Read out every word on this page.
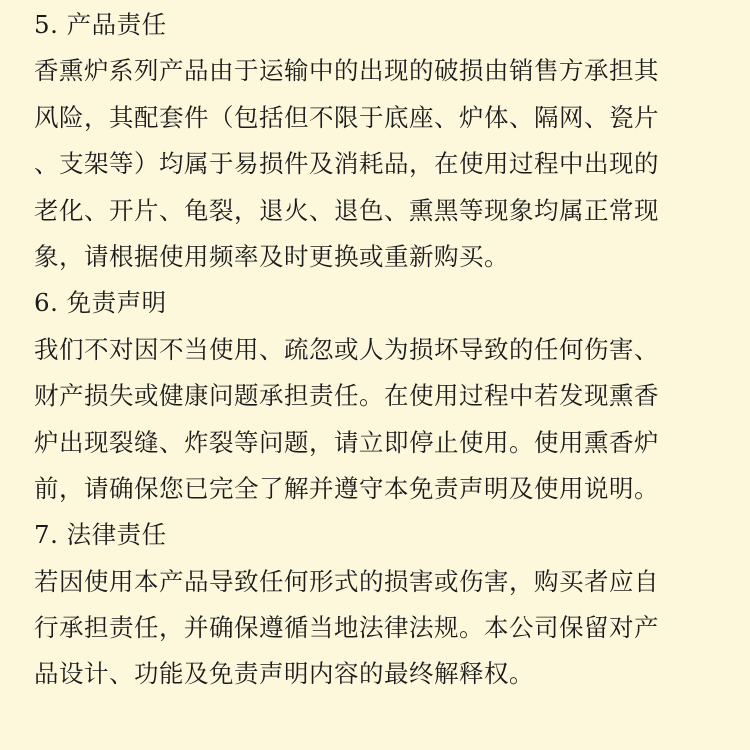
5. 产品责任
香熏炉系列产品由于运输中的出现的破损由销售方承担其
风险，其配套件（包括但不限于底座、炉体、隔网、瓷片
、支架等）均属于易损件及消耗品，在使用过程中出现的
老化、开片、龟裂，退火、退色、熏黑等现象均属正常现
象，请根据使用频率及时更换或重新购买。
6. 免责声明
我们不对因不当使用、疏忽或人为损坏导致的任何伤害、
财产损失或健康问题承担责任。在使用过程中若发现熏香
炉出现裂缝、炸裂等问题，请立即停止使用。使用熏香炉
前，请确保您已完全了解并遵守本免责声明及使用说明。
7. 法律责任
若因使用本产品导致任何形式的损害或伤害，购买者应自
行承担责任，并确保遵循当地法律法规。本公司保留对产
品设计、功能及免责声明内容的最终解释权。
